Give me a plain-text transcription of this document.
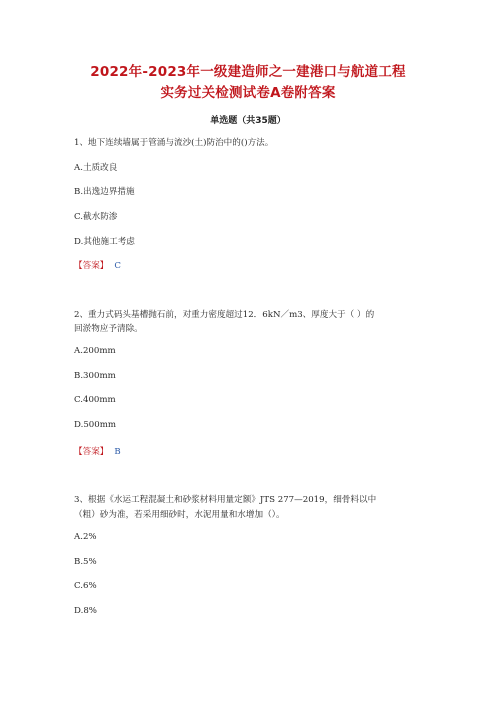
2022年-2023年一级建造师之一建港口与航道工程
实务过关检测试卷A卷附答案
单选题（共35题）
1、地下连续墙属于管涌与流沙(土)防治中的()方法。
A.土质改良
B.出逸边界措施
C.截水防渗
D.其他施工考虑
【答案】 C
2、重力式码头基槽抛石前，对重力密度超过12．6kN／m3、厚度大于（ ）的
回淤物应予清除。
A.200mm
B.300mm
C.400mm
D.500mm
【答案】 B
3、根据《水运工程混凝土和砂浆材料用量定额》JTS 277—2019，细骨料以中
（粗）砂为准，若采用细砂时，水泥用量和水增加（）。
A.2%
B.5%
C.6%
D.8%
